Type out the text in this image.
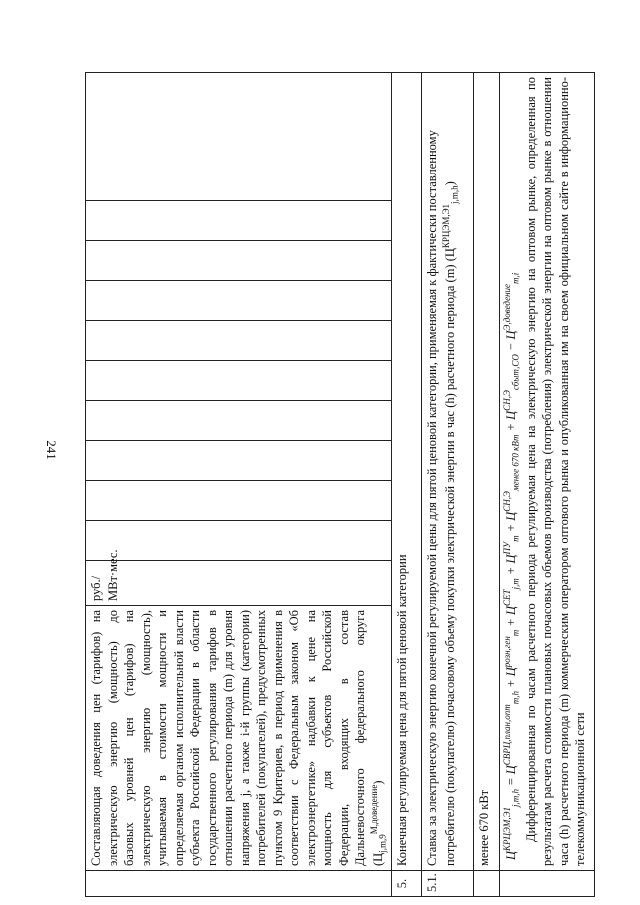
241
	Составляющая доведения цен (тарифов) на электрическую энергию (мощность) до базовых уровней цен (тарифов) на электрическую энергию (мощность), учитываемая в стоимости мощности и определяемая органом исполнительной власти субъекта Российской Федерации в области государственного регулирования тарифов в отношении расчетного периода (m) для уровня напряжения j, а также i-й группы (категории) потребителей (покупателей), предусмотренных пунктом 9 Критериев, в период применения в соответствии с Федеральным законом «Об электроэнергетике» надбавки к цене на мощность для субъектов Российской Федерации, входящих в состав Дальневосточного федерального округа $(Ц_{j,m,9}^{М,доведение})$	руб./МВт·мес.										
5.	Конечная регулируемая цена для пятой ценовой категории											
5.1.	Ставка за электрическую энергию конечной регулируемой цены для пятой ценовой категории, применяемая к фактически поставленному потребителю (покупателю) почасовому объему покупки электрической энергии в час (h) расчетного периода (m) $(Ц^{КРЦЭМ,Э1}_{j,m,h})$											
	менее 670 кВт											

	$Ц^{КРЦЭМ,Э1}_{j,m,h} = Ц^{СВРЦ,план,опт}_{m,h} + Ц^{розн,ген}_m + Ц^{СЕТ}_{j,m} + Ц^{ПУ}_m + Ц^{СН,Э}_{менее 670 кВт} + Ц^{СН,Э}_{сбыт,СО} - Ц^{Э,доведение}_{m,i}$ Дифференцированная по часам расчетного периода регулируемая цена на электрическую энергию на оптовом рынке, определенная по результатам расчета стоимости плановых почасовых объемов производства (потребления) электрической энергии на оптовом рынке в отношении часа (h) расчетного периода (m) коммерческим оператором оптового рынка и опубликованная им на своем официальном сайте в информационно-телекоммуникационной сети											
